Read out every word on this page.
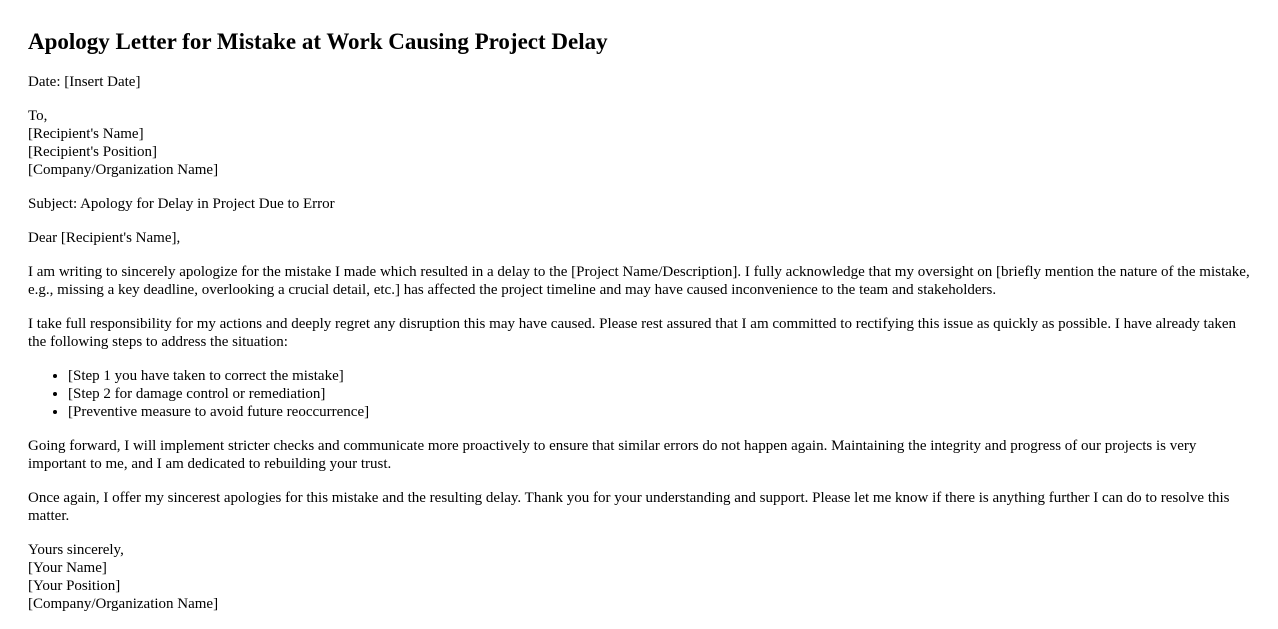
Apology Letter for Mistake at Work Causing Project Delay

Date: [Insert Date]

To,
[Recipient's Name]
[Recipient's Position]
[Company/Organization Name]

Subject: Apology for Delay in Project Due to Error

Dear [Recipient's Name],

I am writing to sincerely apologize for the mistake I made which resulted in a delay to the [Project Name/Description]. I fully acknowledge that my oversight on [briefly mention the nature of the mistake, e.g., missing a key deadline, overlooking a crucial detail, etc.] has affected the project timeline and may have caused inconvenience to the team and stakeholders.

I take full responsibility for my actions and deeply regret any disruption this may have caused. Please rest assured that I am committed to rectifying this issue as quickly as possible. I have already taken the following steps to address the situation:

• [Step 1 you have taken to correct the mistake]
• [Step 2 for damage control or remediation]
• [Preventive measure to avoid future reoccurrence]

Going forward, I will implement stricter checks and communicate more proactively to ensure that similar errors do not happen again. Maintaining the integrity and progress of our projects is very important to me, and I am dedicated to rebuilding your trust.

Once again, I offer my sincerest apologies for this mistake and the resulting delay. Thank you for your understanding and support. Please let me know if there is anything further I can do to resolve this matter.

Yours sincerely,
[Your Name]
[Your Position]
[Company/Organization Name]
